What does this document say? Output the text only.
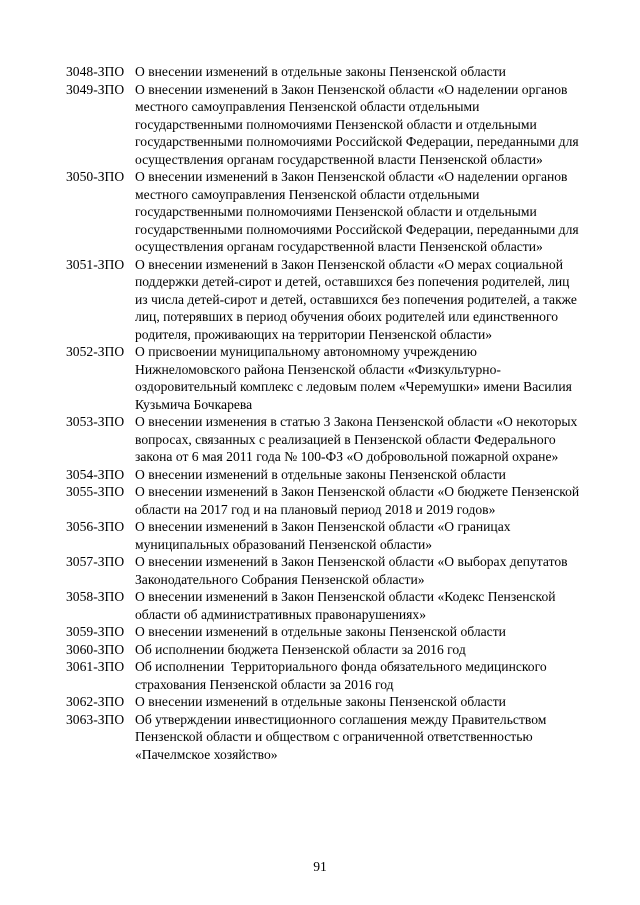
3048-ЗПО О внесении изменений в отдельные законы Пензенской области
3049-ЗПО О внесении изменений в Закон Пензенской области «О наделении органов местного самоуправления Пензенской области отдельными государственными полномочиями Пензенской области и отдельными государственными полномочиями Российской Федерации, переданными для осуществления органам государственной власти Пензенской области»
3050-ЗПО О внесении изменений в Закон Пензенской области «О наделении органов местного самоуправления Пензенской области отдельными государственными полномочиями Пензенской области и отдельными государственными полномочиями Российской Федерации, переданными для осуществления органам государственной власти Пензенской области»
3051-ЗПО О внесении изменений в Закон Пензенской области «О мерах социальной поддержки детей-сирот и детей, оставшихся без попечения родителей, лиц из числа детей-сирот и детей, оставшихся без попечения родителей, а также лиц, потерявших в период обучения обоих родителей или единственного родителя, проживающих на территории Пензенской области»
3052-ЗПО О присвоении муниципальному автономному учреждению Нижнеломовского района Пензенской области «Физкультурно-оздоровительный комплекс с ледовым полем «Черемушки» имени Василия Кузьмича Бочкарева
3053-ЗПО О внесении изменения в статью 3 Закона Пензенской области «О некоторых вопросах, связанных с реализацией в Пензенской области Федерального закона от 6 мая 2011 года № 100-ФЗ «О добровольной пожарной охране»
3054-ЗПО О внесении изменений в отдельные законы Пензенской области
3055-ЗПО О внесении изменений в Закон Пензенской области «О бюджете Пензенской области на 2017 год и на плановый период 2018 и 2019 годов»
3056-ЗПО О внесении изменений в Закон Пензенской области «О границах муниципальных образований Пензенской области»
3057-ЗПО О внесении изменений в Закон Пензенской области «О выборах депутатов Законодательного Собрания Пензенской области»
3058-ЗПО О внесении изменений в Закон Пензенской области «Кодекс Пензенской области об административных правонарушениях»
3059-ЗПО О внесении изменений в отдельные законы Пензенской области
3060-ЗПО Об исполнении бюджета Пензенской области за 2016 год
3061-ЗПО Об исполнении  Территориального фонда обязательного медицинского страхования Пензенской области за 2016 год
3062-ЗПО О внесении изменений в отдельные законы Пензенской области
3063-ЗПО Об утверждении инвестиционного соглашения между Правительством Пензенской области и обществом с ограниченной ответственностью «Пачелмское хозяйство»
91
